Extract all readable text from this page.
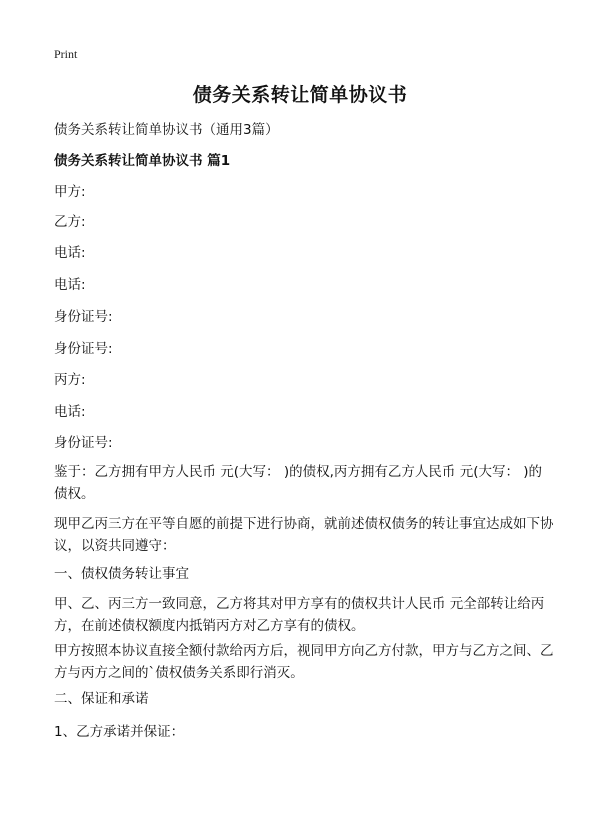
Print
债务关系转让简单协议书
债务关系转让简单协议书（通用3篇）
债务关系转让简单协议书 篇1
甲方:
乙方:
电话:
电话:
身份证号:
身份证号:
丙方:
电话:
身份证号:
鉴于：乙方拥有甲方人民币 元(大写： )的债权,丙方拥有乙方人民币 元(大写： )的债权。
现甲乙丙三方在平等自愿的前提下进行协商，就前述债权债务的转让事宜达成如下协议，以资共同遵守：
一、债权债务转让事宜
甲、乙、丙三方一致同意，乙方将其对甲方享有的债权共计人民币 元全部转让给丙方，在前述债权额度内抵销丙方对乙方享有的债权。
甲方按照本协议直接全额付款给丙方后，视同甲方向乙方付款，甲方与乙方之间、乙方与丙方之间的`债权债务关系即行消灭。
二、保证和承诺
1、乙方承诺并保证：
